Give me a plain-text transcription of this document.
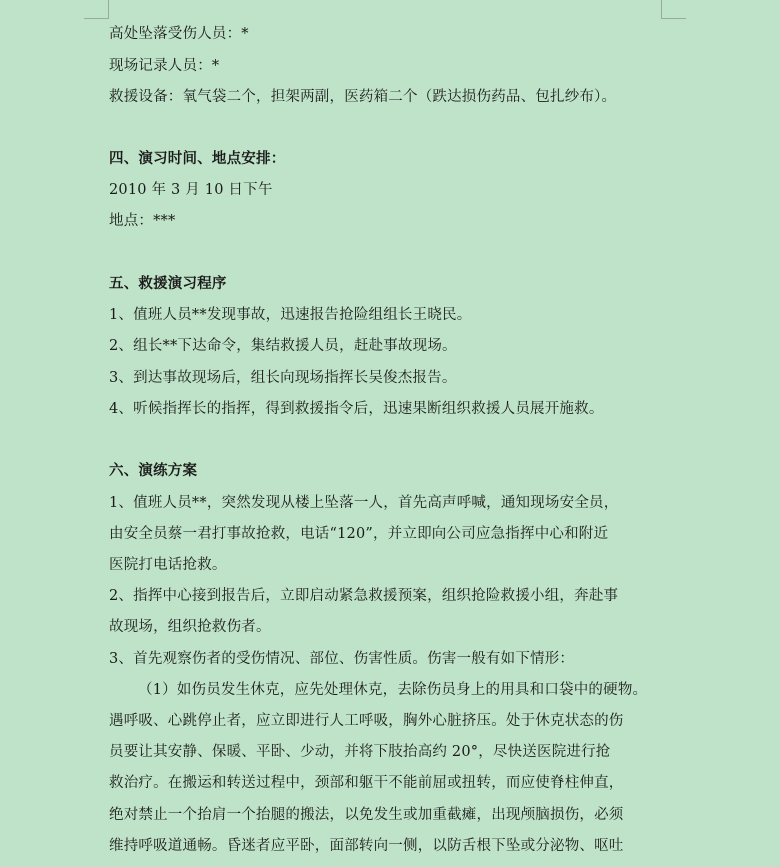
高处坠落受伤人员：*
现场记录人员：*
救援设备：氧气袋二个，担架两副，医药箱二个（跌达损伤药品、包扎纱布）。
四、演习时间、地点安排：
2010 年 3 月 10 日下午
地点：***
五、救援演习程序
1、值班人员**发现事故，迅速报告抢险组组长王晓民。
2、组长**下达命令，集结救援人员，赶赴事故现场。
3、到达事故现场后，组长向现场指挥长吴俊杰报告。
4、听候指挥长的指挥，得到救援指令后，迅速果断组织救援人员展开施救。
六、演练方案
1、值班人员**，突然发现从楼上坠落一人，首先高声呼喊，通知现场安全员，
由安全员蔡一君打事故抢救，电话“120”，并立即向公司应急指挥中心和附近
医院打电话抢救。
2、指挥中心接到报告后，立即启动紧急救援预案，组织抢险救援小组，奔赴事
故现场，组织抢救伤者。
3、首先观察伤者的受伤情况、部位、伤害性质。伤害一般有如下情形：
（1）如伤员发生休克，应先处理休克，去除伤员身上的用具和口袋中的硬物。
遇呼吸、心跳停止者，应立即进行人工呼吸，胸外心脏挤压。处于休克状态的伤
员要让其安静、保暖、平卧、少动，并将下肢抬高约 20°，尽快送医院进行抢
救治疗。在搬运和转送过程中，颈部和躯干不能前屈或扭转，而应使脊柱伸直，
绝对禁止一个抬肩一个抬腿的搬法，以免发生或加重截瘫，出现颅脑损伤，必须
维持呼吸道通畅。昏迷者应平卧，面部转向一侧，以防舌根下坠或分泌物、呕吐
